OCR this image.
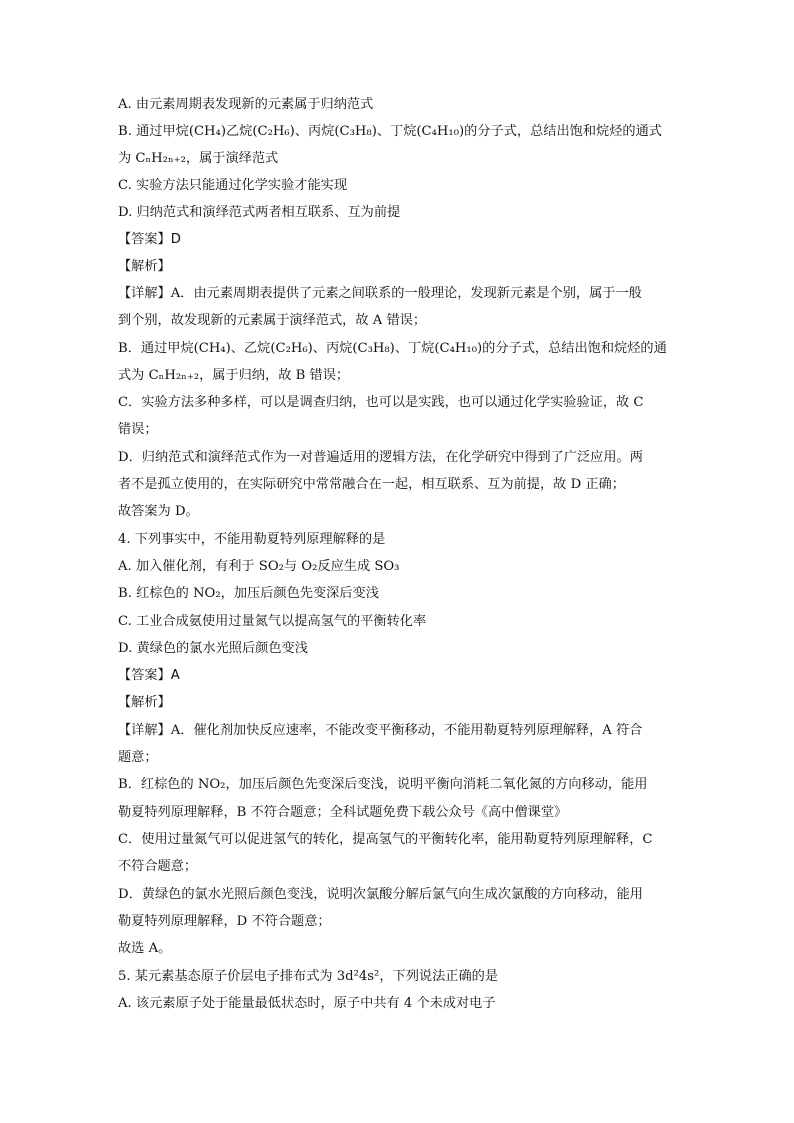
A. 由元素周期表发现新的元素属于归纳范式
B. 通过甲烷(CH₄)乙烷(C₂H₆)、丙烷(C₃H₈)、丁烷(C₄H₁₀)的分子式，总结出饱和烷烃的通式
为 CₙH₂ₙ₊₂，属于演绎范式
C. 实验方法只能通过化学实验才能实现
D. 归纳范式和演绎范式两者相互联系、互为前提
【答案】D
【解析】
【详解】A．由元素周期表提供了元素之间联系的一般理论，发现新元素是个别，属于一般
到个别，故发现新的元素属于演绎范式，故 A 错误；
B．通过甲烷(CH₄)、乙烷(C₂H₆)、丙烷(C₃H₈)、丁烷(C₄H₁₀)的分子式，总结出饱和烷烃的通
式为 CₙH₂ₙ₊₂，属于归纳，故 B 错误；
C．实验方法多种多样，可以是调查归纳，也可以是实践，也可以通过化学实验验证，故 C
错误；
D．归纳范式和演绎范式作为一对普遍适用的逻辑方法，在化学研究中得到了广泛应用。两
者不是孤立使用的，在实际研究中常常融合在一起，相互联系、互为前提，故 D 正确；
故答案为 D。
4. 下列事实中，不能用勒夏特列原理解释的是
A. 加入催化剂，有利于 SO₂与 O₂反应生成 SO₃
B. 红棕色的 NO₂，加压后颜色先变深后变浅
C. 工业合成氨使用过量氮气以提高氢气的平衡转化率
D. 黄绿色的氯水光照后颜色变浅
【答案】A
【解析】
【详解】A．催化剂加快反应速率，不能改变平衡移动，不能用勒夏特列原理解释，A 符合
题意；
B．红棕色的 NO₂，加压后颜色先变深后变浅，说明平衡向消耗二氧化氮的方向移动，能用
勒夏特列原理解释，B 不符合题意；全科试题免费下载公众号《高中僧课堂》
C．使用过量氮气可以促进氢气的转化，提高氢气的平衡转化率，能用勒夏特列原理解释，C
不符合题意；
D．黄绿色的氯水光照后颜色变浅，说明次氯酸分解后氯气向生成次氯酸的方向移动，能用
勒夏特列原理解释，D 不符合题意；
故选 A。
5. 某元素基态原子价层电子排布式为 3d²4s²，下列说法正确的是
A. 该元素原子处于能量最低状态时，原子中共有 4 个未成对电子
